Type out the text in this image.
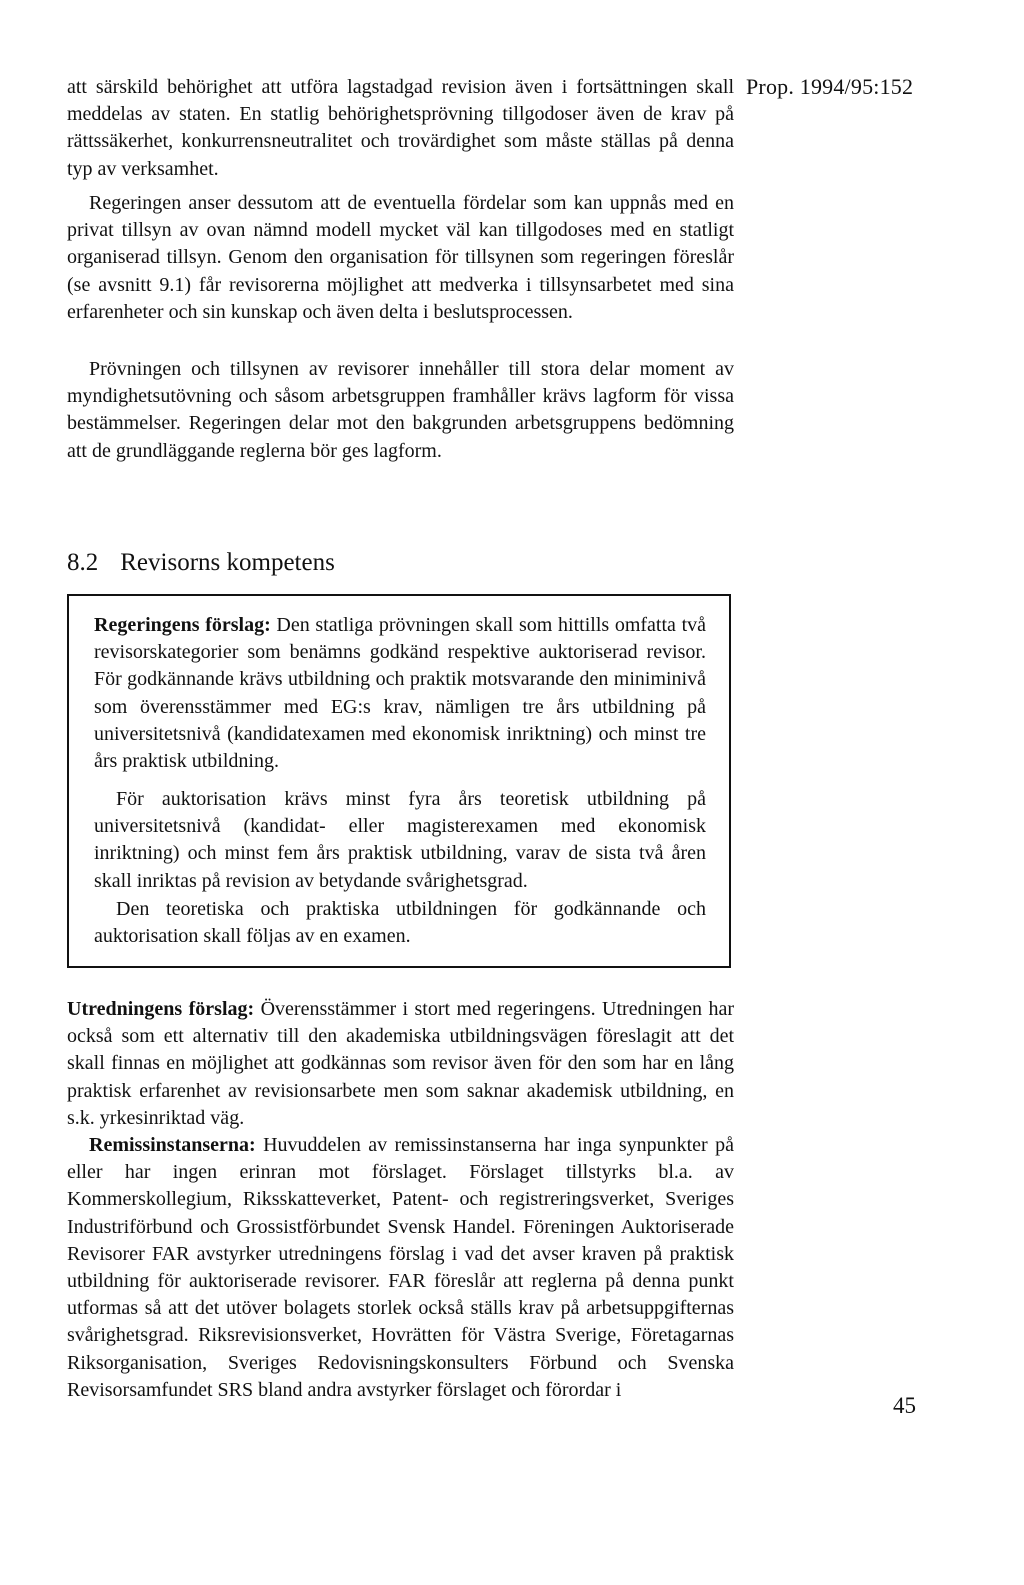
Prop. 1994/95:152

att särskild behörighet att utföra lagstadgad revision även i fortsättningen skall meddelas av staten. En statlig behörighetsprövning tillgodoser även de krav på rättssäkerhet, konkurrensneutralitet och trovärdighet som måste ställas på denna typ av verksamhet.

Regeringen anser dessutom att de eventuella fördelar som kan uppnås med en privat tillsyn av ovan nämnd modell mycket väl kan tillgodoses med en statligt organiserad tillsyn. Genom den organisation för tillsynen som regeringen föreslår (se avsnitt 9.1) får revisorerna möjlighet att medverka i tillsynsarbetet med sina erfarenheter och sin kunskap och även delta i beslutsprocessen.

Prövningen och tillsynen av revisorer innehåller till stora delar moment av myndighetsutövning och såsom arbetsgruppen framhåller krävs lagform för vissa bestämmelser. Regeringen delar mot den bakgrunden arbetsgruppens bedömning att de grundläggande reglerna bör ges lagform.

8.2 Revisorns kompetens

Regeringens förslag: Den statliga prövningen skall som hittills omfatta två revisorskategorier som benämns godkänd respektive auktoriserad revisor. För godkännande krävs utbildning och praktik motsvarande den miniminivå som överensstämmer med EG:s krav, nämligen tre års utbildning på universitetsnivå (kandidatexamen med ekonomisk inriktning) och minst tre års praktisk utbildning.

För auktorisation krävs minst fyra års teoretisk utbildning på universitetsnivå (kandidat- eller magisterexamen med ekonomisk inriktning) och minst fem års praktisk utbildning, varav de sista två åren skall inriktas på revision av betydande svårighetsgrad.

Den teoretiska och praktiska utbildningen för godkännande och auktorisation skall följas av en examen.

Utredningens förslag: Överensstämmer i stort med regeringens. Utredningen har också som ett alternativ till den akademiska utbildningsvägen föreslagit att det skall finnas en möjlighet att godkännas som revisor även för den som har en lång praktisk erfarenhet av revisionsarbete men som saknar akademisk utbildning, en s.k. yrkesinriktad väg.

Remissinstanserna: Huvuddelen av remissinstanserna har inga synpunkter på eller har ingen erinran mot förslaget. Förslaget tillstyrks bl.a. av Kommerskollegium, Riksskatteverket, Patent- och registreringsverket, Sveriges Industriförbund och Grossistförbundet Svensk Handel. Föreningen Auktoriserade Revisorer FAR avstyrker utredningens förslag i vad det avser kraven på praktisk utbildning för auktoriserade revisorer. FAR föreslår att reglerna på denna punkt utformas så att det utöver bolagets storlek också ställs krav på arbetsuppgifternas svårighetsgrad. Riksrevisionsverket, Hovrätten för Västra Sverige, Företagarnas Riksorganisation, Sveriges Redovisningskonsulters Förbund och Svenska Revisorsamfundet SRS bland andra avstyrker förslaget och förordar i

45
